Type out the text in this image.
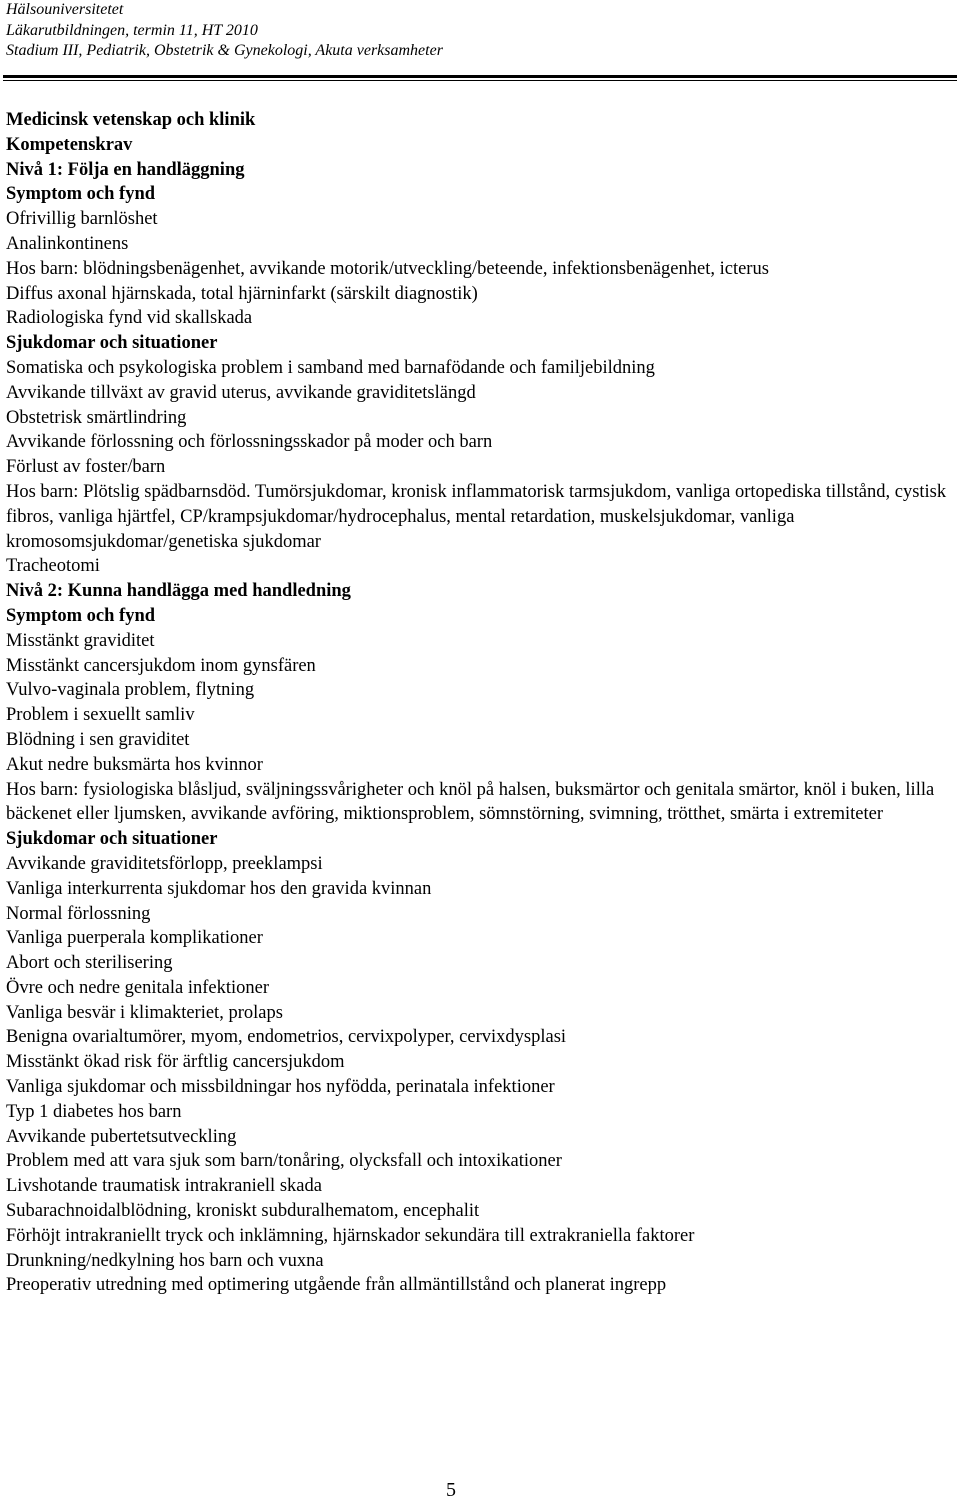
Hälsouniversitetet
Läkarutbildningen, termin 11, HT 2010
Stadium III, Pediatrik, Obstetrik & Gynekologi, Akuta verksamheter
Medicinsk vetenskap och klinik
Kompetenskrav
Nivå 1: Följa en handläggning
Symptom och fynd
Ofrivillig barnlöshet
Analinkontinens
Hos barn: blödningsbenägenhet, avvikande motorik/utveckling/beteende, infektionsbenägenhet, icterus
Diffus axonal hjärnskada, total hjärninfarkt (särskilt diagnostik)
Radiologiska fynd vid skallskada
Sjukdomar och situationer
Somatiska och psykologiska problem i samband med barnafödande och familjebildning
Avvikande tillväxt av gravid uterus, avvikande graviditetslängd
Obstetrisk smärtlindring
Avvikande förlossning och förlossningsskador på moder och barn
Förlust av foster/barn
Hos barn: Plötslig spädbarnsdöd. Tumörsjukdomar, kronisk inflammatorisk tarmsjukdom, vanliga ortopediska tillstånd, cystisk fibros, vanliga hjärtfel, CP/krampsjukdomar/hydrocephalus, mental retardation, muskelsjukdomar, vanliga kromosomsjukdomar/genetiska sjukdomar
Tracheotomi
Nivå 2: Kunna handlägga med handledning
Symptom och fynd
Misstänkt graviditet
Misstänkt cancersjukdom inom gynsfären
Vulvo-vaginala problem, flytning
Problem i sexuellt samliv
Blödning i sen graviditet
Akut nedre buksmärta hos kvinnor
Hos barn: fysiologiska blåsljud, sväljningssvårigheter och knöl på halsen, buksmärtor och genitala smärtor, knöl i buken, lilla bäckenet eller ljumsken, avvikande avföring, miktionsproblem, sömnstörning, svimning, trötthet, smärta i extremiteter
Sjukdomar och situationer
Avvikande graviditetsförlopp, preeklampsi
Vanliga interkurrenta sjukdomar hos den gravida kvinnan
Normal förlossning
Vanliga puerperala komplikationer
Abort och sterilisering
Övre och nedre genitala infektioner
Vanliga besvär i klimakteriet, prolaps
Benigna ovarialtumörer, myom, endometrios, cervixpolyper, cervixdysplasi
Misstänkt ökad risk för ärftlig cancersjukdom
Vanliga sjukdomar och missbildningar hos nyfödda, perinatala infektioner
Typ 1 diabetes hos barn
Avvikande pubertetsutveckling
Problem med att vara sjuk som barn/tonåring, olycksfall och intoxikationer
Livshotande traumatisk intrakraniell skada
Subarachnoidalblödning, kroniskt subduralhematom, encephalit
Förhöjt intrakraniellt tryck och inklämning, hjärnskador sekundära till extrakraniella faktorer
Drunkning/nedkylning hos barn och vuxna
Preoperativ utredning med optimering utgående från allmäntillstånd och planerat ingrepp
5
